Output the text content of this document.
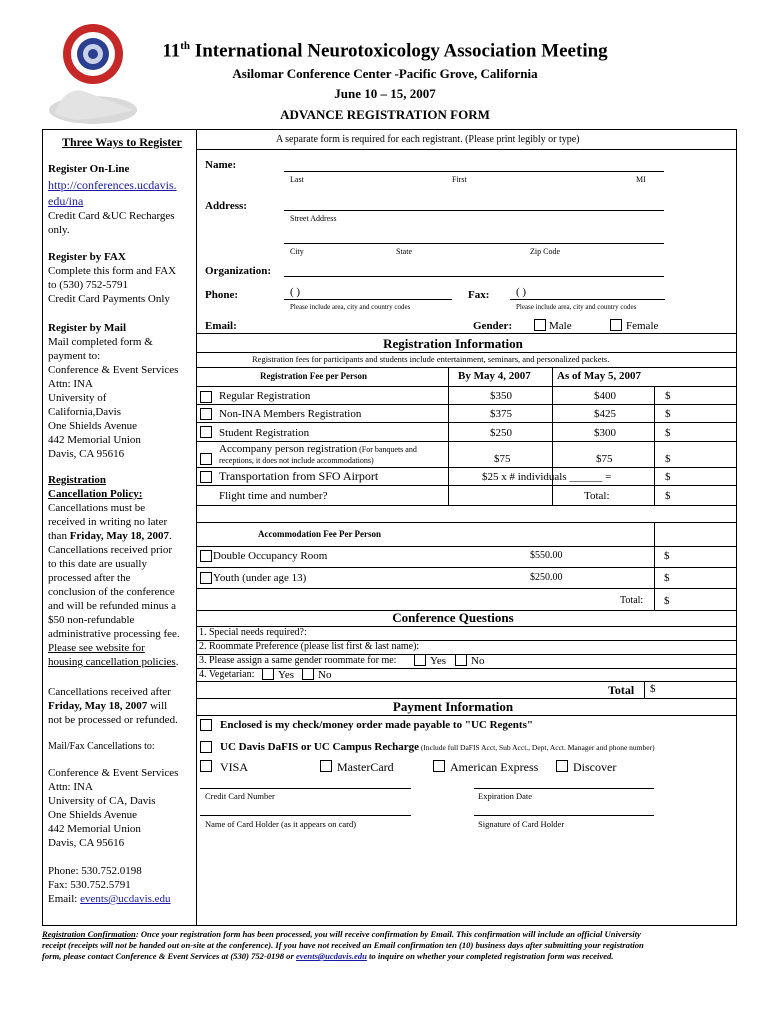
11th International Neurotoxicology Association Meeting
Asilomar Conference Center -Pacific Grove, California
June 10 – 15, 2007
ADVANCE REGISTRATION FORM
Three Ways to Register
Register On-Line
http://conferences.ucdavis.
edu/ina
Credit Card &UC Recharges
only.
Register by FAX
Complete this form and FAX
to (530) 752-5791
Credit Card Payments Only
Register by Mail
Mail completed form &
payment to:
Conference & Event Services
Attn: INA
University of
California,Davis
One Shields Avenue
442 Memorial Union
Davis, CA 95616
Registration
Cancellation Policy:
Cancellations must be
received in writing no later
than Friday, May 18, 2007.
Cancellations received prior
to this date are usually
processed after the
conclusion of the conference
and will be refunded minus a
$50 non-refundable
administrative processing fee.
Please see website for
housing cancellation policies.
Cancellations received after
Friday, May 18, 2007 will
not be processed or refunded.
Mail/Fax Cancellations to:
Conference & Event Services
Attn: INA
University of CA, Davis
One Shields Avenue
442 Memorial Union
Davis, CA 95616
Phone: 530.752.0198
Fax: 530.752.5791
Email: events@ucdavis.edu
A separate form is required for each registrant. (Please print legibly or type)
Name:
Last	First	MI
Address:
Street Address
City	State	Zip Code
Organization:
Phone:	( )
Please include area, city and country codes
Fax: ( )
Please include area, city and country codes
Email:	Gender:	Male	Female
Registration Information
Registration fees for participants and students include entertainment, seminars, and personalized packets.
Registration Fee per Person	By May 4, 2007 As of May 5, 2007
Regular Registration	$350	$400	$
Non-INA Members Registration	$375	$425	$
Student Registration	$250	$300	$
Accompany person registration (For banquets and
receptions, it does not include accommodations)	$75	$75	$
Transportation from SFO Airport	$25 x # individuals ______ =	$
Flight time and number?	Total:	$
Accommodation Fee Per Person
Double Occupancy Room	$550.00	$
Youth (under age 13)	$250.00	$
Total: $
Conference Questions
1. Special needs required?:
2. Roommate Preference (please list first & last name):
3. Please assign a same gender roommate for me:	Yes No
4. Vegetarian: Yes No
Total $
Payment Information
Enclosed is my check/money order made payable to "UC Regents"
UC Davis DaFIS or UC Campus Recharge (Include full DaFIS Acct, Sub Acct., Dept, Acct. Manager and phone number)
VISA	MasterCard	American Express	Discover
Credit Card Number	Expiration Date
Name of Card Holder (as it appears on card)	Signature of Card Holder
Registration Confirmation: Once your registration form has been processed, you will receive confirmation by Email. This confirmation will include an official University
receipt (receipts will not be handed out on-site at the conference). If you have not received an Email confirmation ten (10) business days after submitting your registration
form, please contact Conference & Event Services at (530) 752-0198 or events@ucdavis.edu to inquire on whether your completed registration form was received.
